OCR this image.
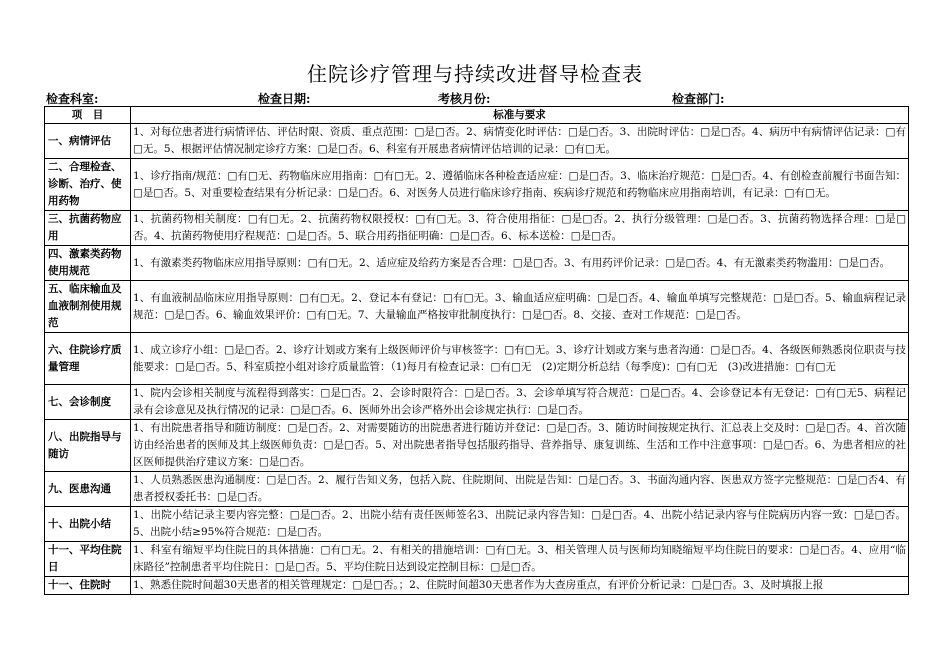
住院诊疗管理与持续改进督导检查表
检查科室:	检查日期:	考核月份:	检查部门:
项　目	标准与要求
一、病情评估	1、对每位患者进行病情评估、评估时限、资质、重点范围：□是□否。2、病情变化时评估：□是□否。3、出院时评估：□是□否。4、病历中有病情评估记录：□有□无。5、根据评估情况制定诊疗方案：□是□否。6、科室有开展患者病情评估培训的记录：□有□无。
二、合理检查、诊断、治疗、使用药物	1、诊疗指南/规范：□有□无、药物临床应用指南：□有□无。2、遵循临床各种检查适应症：□是□否。3、临床治疗规范：□是□否。4、有创检查前履行书面告知：□是□否。5、对重要检查结果有分析记录：□是□否。6、对医务人员进行临床诊疗指南、疾病诊疗规范和药物临床应用指南培训，有记录：□有□无。
三、抗菌药物应用	1、抗菌药物相关制度：□有□无。2、抗菌药物权限授权：□有□无。3、符合使用指征：□是□否。2、执行分级管理：□是□否。3、抗菌药物选择合理：□是□否。4、抗菌药物使用疗程规范：□是□否。5、联合用药指征明确：□是□否。6、标本送检：□是□否。
四、激素类药物使用规范	1、有激素类药物临床应用指导原则：□有□无。2、适应症及给药方案是否合理：□是□否。3、有用药评价记录：□是□否。4、有无激素类药物滥用：□是□否。
五、临床输血及血液制剂使用规范	1、有血液制品临床应用指导原则：□有□无。2、登记本有登记：□有□无。3、输血适应症明确：□是□否。4、输血单填写完整规范：□是□否。5、输血病程记录规范：□是□否。6、输血效果评价：□有□无。7、大量输血严格按审批制度执行：□是□否。8、交接、查对工作规范：□是□否。
六、住院诊疗质量管理	1、成立诊疗小组：□是□否。2、诊疗计划或方案有上级医师评价与审核签字：□有□无。3、诊疗计划或方案与患者沟通：□是□否。4、各级医师熟悉岗位职责与技能要求：□是□否。5、科室质控小组对诊疗质量监管：（1)每月有检查记录：□有□无　(2)定期分析总结（每季度)：□有□无　(3)改进措施：□有□无
七、会诊制度	1、院内会诊相关制度与流程得到落实：□是□否。2、会诊时限符合：□是□否。3、会诊单填写符合规范：□是□否。4、会诊登记本有无登记：□有□无5、病程记录有会诊意见及执行情况的记录：□是□否。6、医师外出会诊严格外出会诊规定执行：□是□否。
八、出院指导与随访	1、有出院患者指导和随访制度：□是□否。2、对需要随访的出院患者进行随访并登记：□是□否。3、随访时间按规定执行、汇总表上交及时：□是□否。4、首次随访由经治患者的医师及其上级医师负责：□是□否。5、对出院患者指导包括服药指导、营养指导、康复训练、生活和工作中注意事项：□是□否。6、为患者相应的社区医师提供治疗建议方案：□是□否。
九、医患沟通	1、人员熟悉医患沟通制度：□是□否。2、履行告知义务，包括入院、住院期间、出院是告知：□是□否。3、书面沟通内容、医患双方签字完整规范：□是□否4、有患者授权委托书：□是□否。
十、出院小结	1、出院小结记录主要内容完整：□是□否。2、出院小结有责任医师签名3、出院记录内容告知：□是□否。4、出院小结记录内容与住院病历内容一致：□是□否。5、出院小结≥95%符合规范：□是□否。
十一、平均住院日	1、科室有缩短平均住院日的具体措施：□有□无。2、有相关的措施培训：□有□无。3、相关管理人员与医师均知晓缩短平均住院日的要求：□是□否。4、应用“临床路径”控制患者平均住院日：□是□否。5、平均住院日达到设定控制目标：□是□否。
十一、住院时	1、熟悉住院时间超30天患者的相关管理规定：□是□否。；2、住院时间超30天患者作为大查房重点，有评价分析记录：□是□否。3、及时填报上报
